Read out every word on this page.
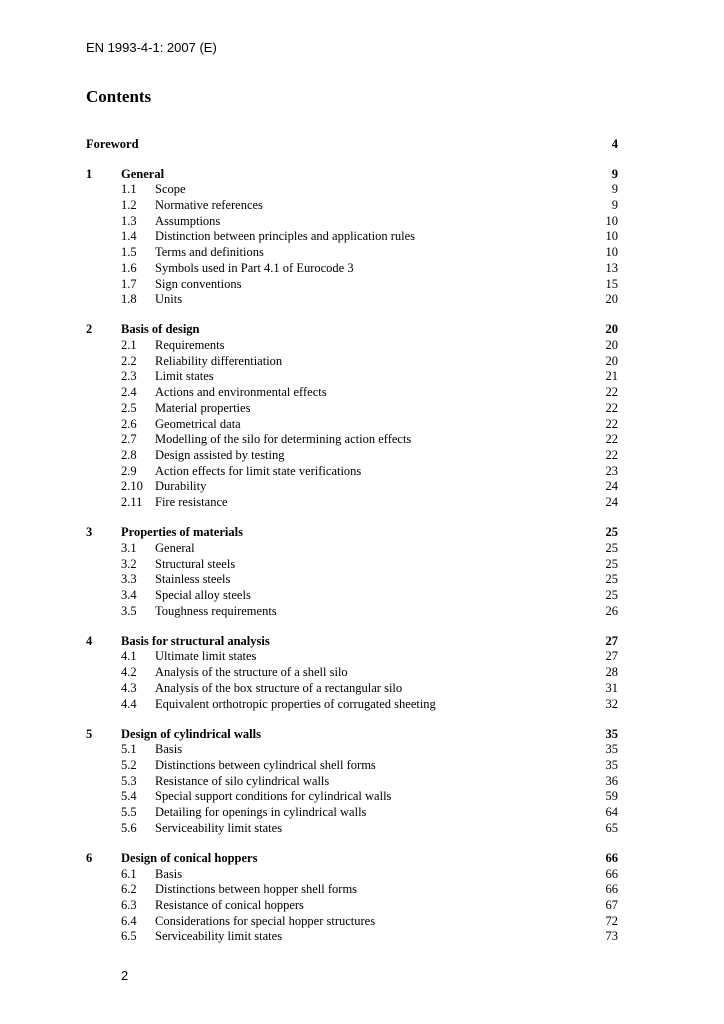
EN 1993-4-1: 2007 (E)
Contents
Foreword	4
1	General	9
1.1	Scope	9
1.2	Normative references	9
1.3	Assumptions	10
1.4	Distinction between principles and application rules	10
1.5	Terms and definitions	10
1.6	Symbols used in Part 4.1 of Eurocode 3	13
1.7	Sign conventions	15
1.8	Units	20
2	Basis of design	20
2.1	Requirements	20
2.2	Reliability differentiation	20
2.3	Limit states	21
2.4	Actions and environmental effects	22
2.5	Material properties	22
2.6	Geometrical data	22
2.7	Modelling of the silo for determining action effects	22
2.8	Design assisted by testing	22
2.9	Action effects for limit state verifications	23
2.10 Durability	24
2.11	Fire resistance	24
3	Properties of materials	25
3.1	General	25
3.2	Structural steels	25
3.3	Stainless steels	25
3.4	Special alloy steels	25
3.5	Toughness requirements	26
4	Basis for structural analysis	27
4.1	Ultimate limit states	27
4.2	Analysis of the structure of a shell silo	28
4.3	Analysis of the box structure of a rectangular silo	31
4.4	Equivalent orthotropic properties of corrugated sheeting	32
5	Design of cylindrical walls	35
5.1	Basis	35
5.2	Distinctions between cylindrical shell forms	35
5.3	Resistance of silo cylindrical walls	36
5.4	Special support conditions for cylindrical walls	59
5.5	Detailing for openings in cylindrical walls	64
5.6	Serviceability limit states	65
6	Design of conical hoppers	66
6.1	Basis	66
6.2	Distinctions between hopper shell forms	66
6.3	Resistance of conical hoppers	67
6.4	Considerations for special hopper structures	72
6.5	Serviceability limit states	73
2
